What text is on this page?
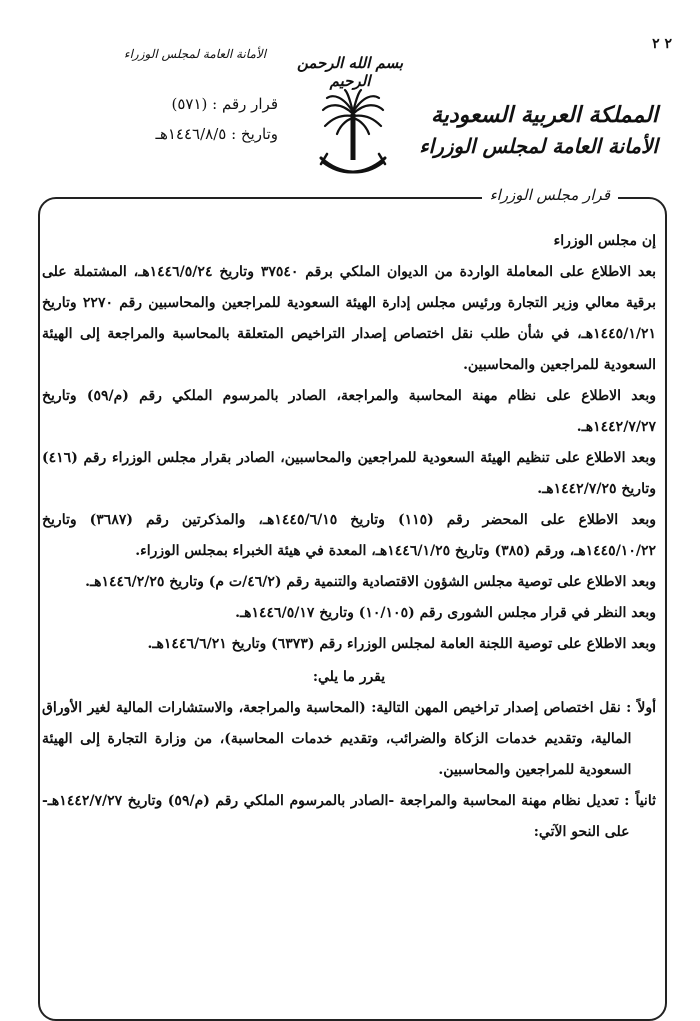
٢ ٢
بسم الله الرحمن الرحيم
الأمانة العامة لمجلس الوزراء
المملكة العربية السعودية
الأمانة العامة لمجلس الوزراء
قرار رقم : (٥٧١)
وتاريخ : ١٤٤٦/٨/٥هـ
قرار مجلس الوزراء

إن مجلس الوزراء

بعد الاطلاع على المعاملة الواردة من الديوان الملكي برقم ٣٧٥٤٠ وتاريخ ١٤٤٦/٥/٢٤هـ، المشتملة على برقية معالي وزير التجارة ورئيس مجلس إدارة الهيئة السعودية للمراجعين والمحاسبين رقم ٢٢٧٠ وتاريخ ١٤٤٥/١/٢١هـ، في شأن طلب نقل اختصاص إصدار التراخيص المتعلقة بالمحاسبة والمراجعة إلى الهيئة السعودية للمراجعين والمحاسبين.

وبعد الاطلاع على نظام مهنة المحاسبة والمراجعة، الصادر بالمرسوم الملكي رقم (م/٥٩) وتاريخ ١٤٤٢/٧/٢٧هـ.

وبعد الاطلاع على تنظيم الهيئة السعودية للمراجعين والمحاسبين، الصادر بقرار مجلس الوزراء رقم (٤١٦) وتاريخ ١٤٤٢/٧/٢٥هـ.

وبعد الاطلاع على المحضر رقم (١١٥) وتاريخ ١٤٤٥/٦/١٥هـ، والمذكرتين رقم (٣٦٨٧) وتاريخ ١٤٤٥/١٠/٢٢هـ، ورقم (٣٨٥) وتاريخ ١٤٤٦/١/٢٥هـ، المعدة في هيئة الخبراء بمجلس الوزراء.

وبعد الاطلاع على توصية مجلس الشؤون الاقتصادية والتنمية رقم (٤٦/٢/ت م) وتاريخ ١٤٤٦/٢/٢٥هـ.

وبعد النظر في قرار مجلس الشورى رقم (١٠/١٠٥) وتاريخ ١٤٤٦/٥/١٧هـ.

وبعد الاطلاع على توصية اللجنة العامة لمجلس الوزراء رقم (٦٣٧٣) وتاريخ ١٤٤٦/٦/٢١هـ.

يقرر ما يلي:

أولاً
: نقل اختصاص إصدار تراخيص المهن التالية: (المحاسبة والمراجعة، والاستشارات المالية لغير الأوراق المالية، وتقديم خدمات الزكاة والضرائب، وتقديم خدمات المحاسبة)، من وزارة التجارة إلى الهيئة السعودية للمراجعين والمحاسبين.
ثانياً
: تعديل نظام مهنة المحاسبة والمراجعة -الصادر بالمرسوم الملكي رقم (م/٥٩) وتاريخ ١٤٤٢/٧/٢٧هـ- على النحو الآتي:
